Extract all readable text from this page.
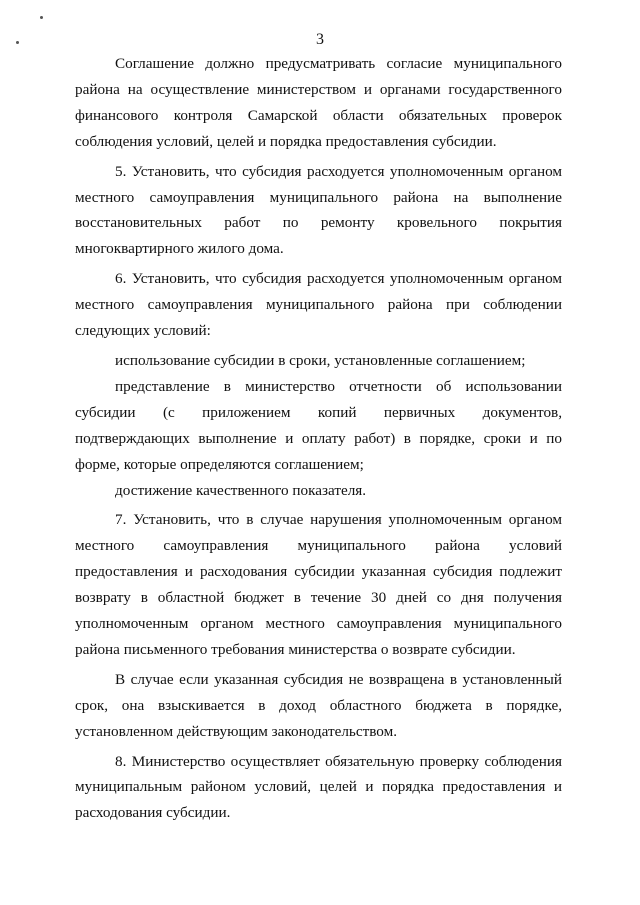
3

Соглашение должно предусматривать согласие муниципального района на осуществление министерством и органами государственного финансового контроля Самарской области обязательных проверок соблюдения условий, целей и порядка предоставления субсидии.

5. Установить, что субсидия расходуется уполномоченным органом местного самоуправления муниципального района на выполнение восстановительных работ по ремонту кровельного покрытия многоквартирного жилого дома.

6. Установить, что субсидия расходуется уполномоченным органом местного самоуправления муниципального района при соблюдении следующих условий:

использование субсидии в сроки, установленные соглашением;

представление в министерство отчетности об использовании субсидии (с приложением копий первичных документов, подтверждающих выполнение и оплату работ) в порядке, сроки и по форме, которые определяются соглашением;

достижение качественного показателя.

7. Установить, что в случае нарушения уполномоченным органом местного самоуправления муниципального района условий предоставления и расходования субсидии указанная субсидия подлежит возврату в областной бюджет в течение 30 дней со дня получения уполномоченным органом местного самоуправления муниципального района письменного требования министерства о возврате субсидии.

В случае если указанная субсидия не возвращена в установленный срок, она взыскивается в доход областного бюджета в порядке, установленном действующим законодательством.

8. Министерство осуществляет обязательную проверку соблюдения муниципальным районом условий, целей и порядка предоставления и расходования субсидии.
